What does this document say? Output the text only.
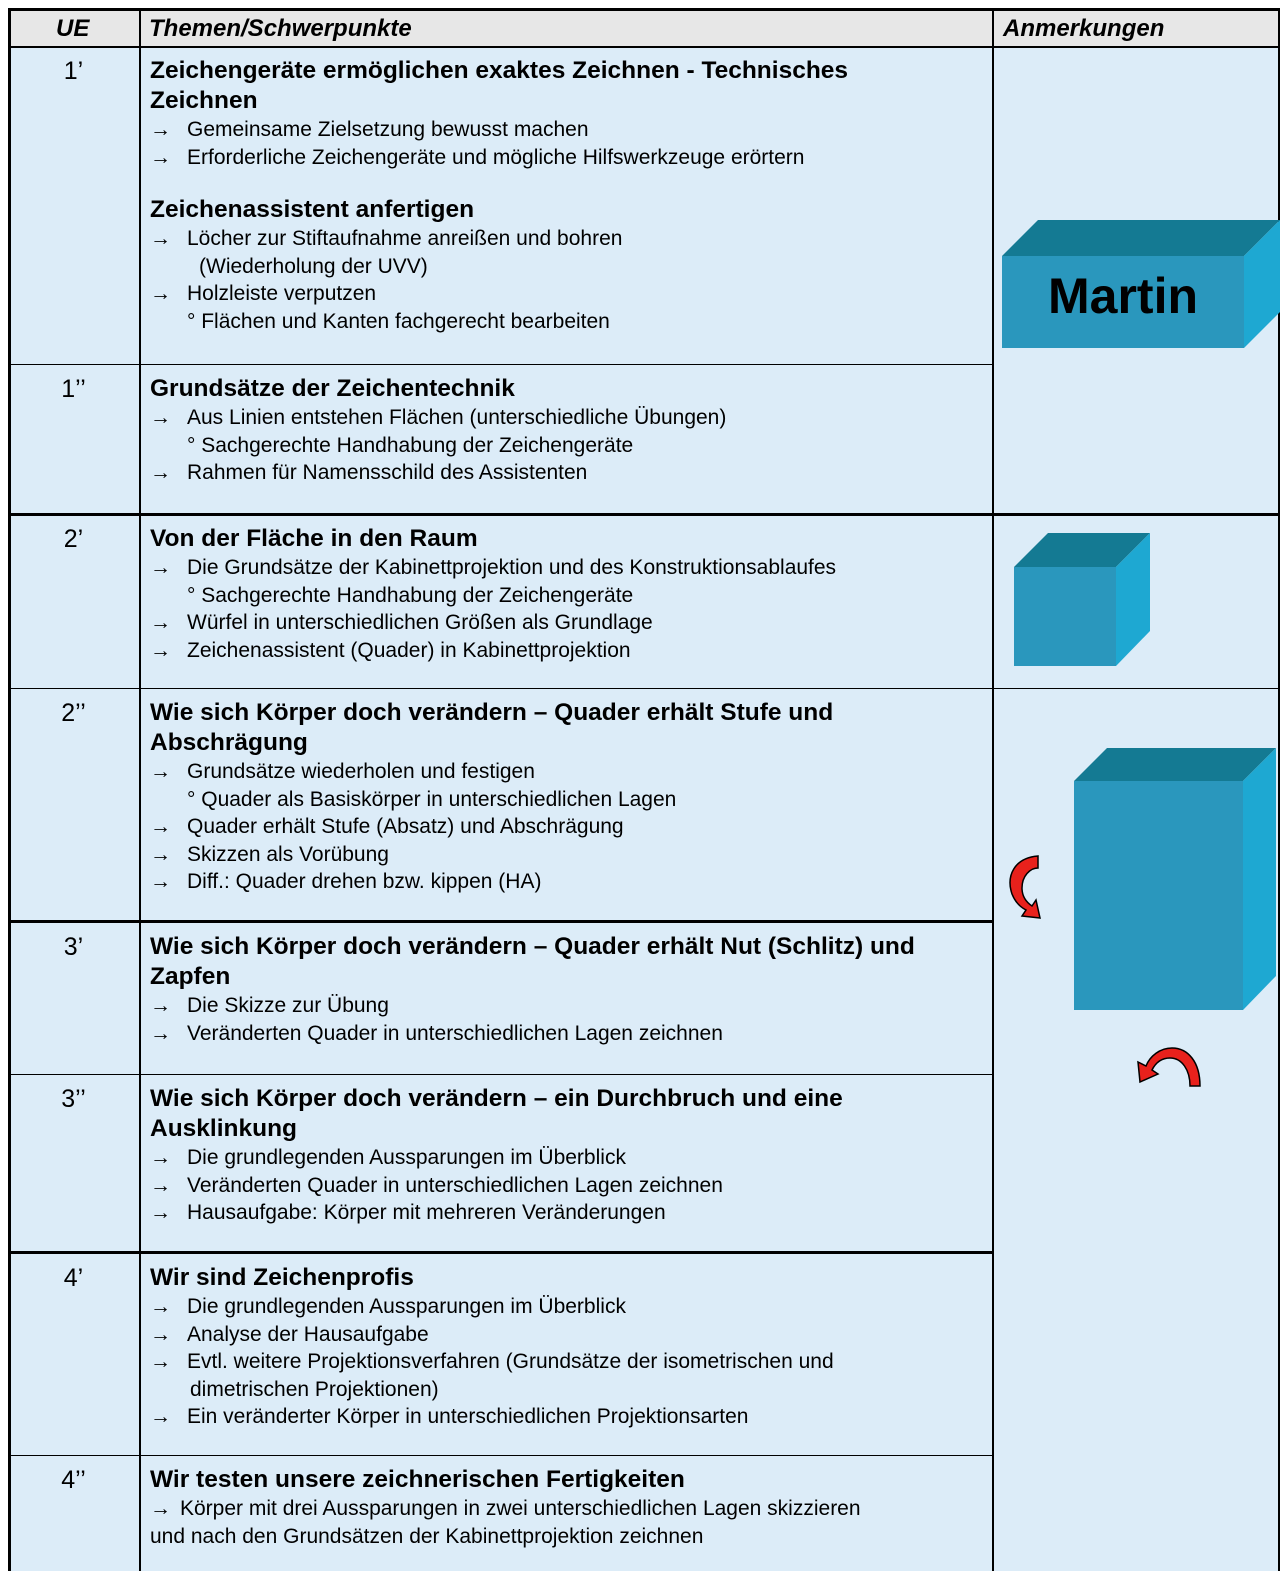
UE Themen/Schwerpunkte	Anmerkungen
1’	Zeichengeräte ermöglichen exaktes Zeichnen - Technisches
Zeichnen
→ Gemeinsame Zielsetzung bewusst machen
→ Erforderliche Zeichengeräte und mögliche Hilfswerkzeuge erörtern
Zeichenassistent anfertigen
→ Löcher zur Stiftaufnahme anreißen und bohren
(Wiederholung der UVV)
→ Holzleiste verputzen
° Flächen und Kanten fachgerecht bearbeiten
1’’	Grundsätze der Zeichentechnik
→ Aus Linien entstehen Flächen (unterschiedliche Übungen)
° Sachgerechte Handhabung der Zeichengeräte
→ Rahmen für Namensschild des Assistenten
2’	Von der Fläche in den Raum
→ Die Grundsätze der Kabinettprojektion und des Konstruktionsablaufes
° Sachgerechte Handhabung der Zeichengeräte
→ Würfel in unterschiedlichen Größen als Grundlage
→ Zeichenassistent (Quader) in Kabinettprojektion
2’’	Wie sich Körper doch verändern – Quader erhält Stufe und
Abschrägung
→ Grundsätze wiederholen und festigen
° Quader als Basiskörper in unterschiedlichen Lagen
→ Quader erhält Stufe (Absatz) und Abschrägung
→ Skizzen als Vorübung
→ Diff.: Quader drehen bzw. kippen (HA)
3’	Wie sich Körper doch verändern – Quader erhält Nut (Schlitz) und
Zapfen
→ Die Skizze zur Übung
→ Veränderten Quader in unterschiedlichen Lagen zeichnen
3’’	Wie sich Körper doch verändern – ein Durchbruch und eine
Ausklinkung
→ Die grundlegenden Aussparungen im Überblick
→ Veränderten Quader in unterschiedlichen Lagen zeichnen
→ Hausaufgabe: Körper mit mehreren Veränderungen
4’	Wir sind Zeichenprofis
→ Die grundlegenden Aussparungen im Überblick
→ Analyse der Hausaufgabe
→ Evtl. weitere Projektionsverfahren (Grundsätze der isometrischen und
dimetrischen Projektionen)
→ Ein veränderter Körper in unterschiedlichen Projektionsarten
4’’	Wir testen unsere zeichnerischen Fertigkeiten
→ Körper mit drei Aussparungen in zwei unterschiedlichen Lagen skizzieren
und nach den Grundsätzen der Kabinettprojektion zeichnen
Martin
